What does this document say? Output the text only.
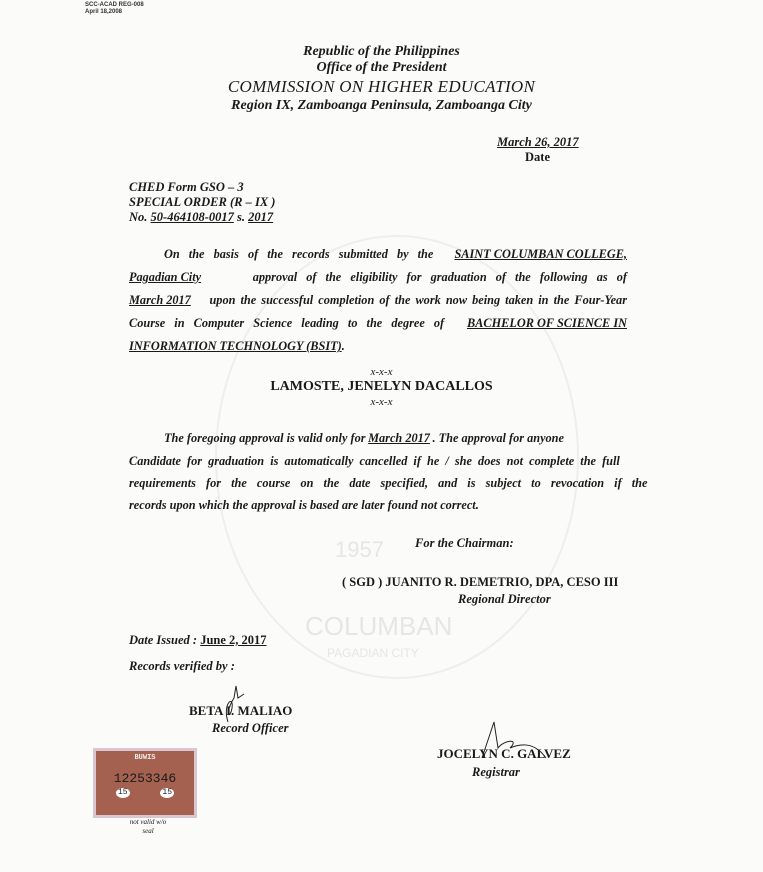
SCC-ACAD REG-008
April 18,2008
1957
COLUMBAN
PAGADIAN CITY
Republic of the Philippines
Office of the President
COMMISSION ON HIGHER EDUCATION
Region IX, Zamboanga Peninsula, Zamboanga City
March 26, 2017
Date
CHED Form GSO – 3
SPECIAL ORDER (R – IX )
No. 50-464108-0017 s. 2017
On the basis of the records submitted by the SAINT COLUMBAN COLLEGE,
Pagadian City	approval of the eligibility for graduation of the following as of
March 2017 upon the successful completion of the work now being taken in the Four-Year
Course in Computer Science leading to the degree of BACHELOR OF SCIENCE IN
INFORMATION TECHNOLOGY (BSIT) .
x-x-x
LAMOSTE, JENELYN DACALLOS
x-x-x
The foregoing approval is valid only for March 2017 . The approval for anyone
Candidate for graduation is automatically cancelled if he / she does not complete the full
requirements for the course on the date specified, and is subject to revocation if the
records upon which the approval is based are later found not correct.
For the Chairman:
( SGD ) JUANITO R. DEMETRIO, DPA, CESO III
Regional Director
Date Issued : June 2, 2017
Records verified by :
BETA I. MALIAO
Record Officer
JOCELYN C. GALVEZ
Registrar
BUWIS
12253346
15	15
not valid w/o seal
